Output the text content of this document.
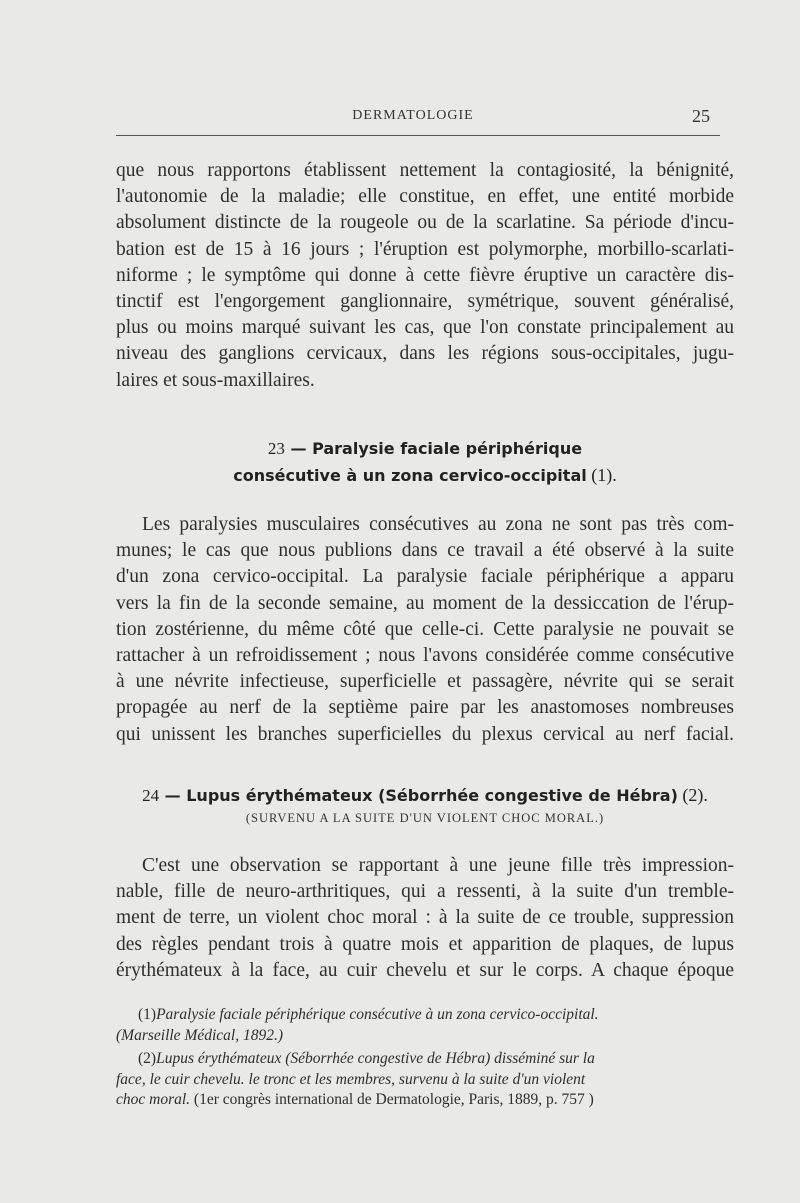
DERMATOLOGIE	25
que nous rapportons établissent nettement la contagiosité, la bénignité,
l'autonomie de la maladie; elle constitue, en effet, une entité morbide
absolument distincte de la rougeole ou de la scarlatine. Sa période d'incu-
bation est de 15 à 16 jours ; l'éruption est polymorphe, morbillo-scarlati-
niforme ; le symptôme qui donne à cette fièvre éruptive un caractère dis-
tinctif est l'engorgement ganglionnaire, symétrique, souvent généralisé,
plus ou moins marqué suivant les cas, que l'on constate principalement au
niveau des ganglions cervicaux, dans les régions sous-occipitales, jugu-
laires et sous-maxillaires.
23 — Paralysie faciale périphérique
consécutive à un zona cervico-occipital (1).
Les paralysies musculaires consécutives au zona ne sont pas très com-
munes; le cas que nous publions dans ce travail a été observé à la suite
d'un zona cervico-occipital. La paralysie faciale périphérique a apparu
vers la fin de la seconde semaine, au moment de la dessiccation de l'érup-
tion zostérienne, du même côté que celle-ci. Cette paralysie ne pouvait se
rattacher à un refroidissement ; nous l'avons considérée comme consécutive
à une névrite infectieuse, superficielle et passagère, névrite qui se serait
propagée au nerf de la septième paire par les anastomoses nombreuses
qui unissent les branches superficielles du plexus cervical au nerf facial.
24 — Lupus érythémateux (Séborrhée congestive de Hébra) (2).
(SURVENU A LA SUITE D'UN VIOLENT CHOC MORAL.)
C'est une observation se rapportant à une jeune fille très impression-
nable, fille de neuro-arthritiques, qui a ressenti, à la suite d'un tremble-
ment de terre, un violent choc moral : à la suite de ce trouble, suppression
des règles pendant trois à quatre mois et apparition de plaques, de lupus
érythémateux à la face, au cuir chevelu et sur le corps. A chaque époque
(1)Paralysie faciale périphérique consécutive à un zona cervico-occipital.
(Marseille Médical, 1892.)
(2)Lupus érythémateux (Séborrhée congestive de Hébra) disséminé sur la
face, le cuir chevelu. le tronc et les membres, survenu à la suite d'un violent
choc moral. (1er congrès international de Dermatologie, Paris, 1889, p. 757 )
